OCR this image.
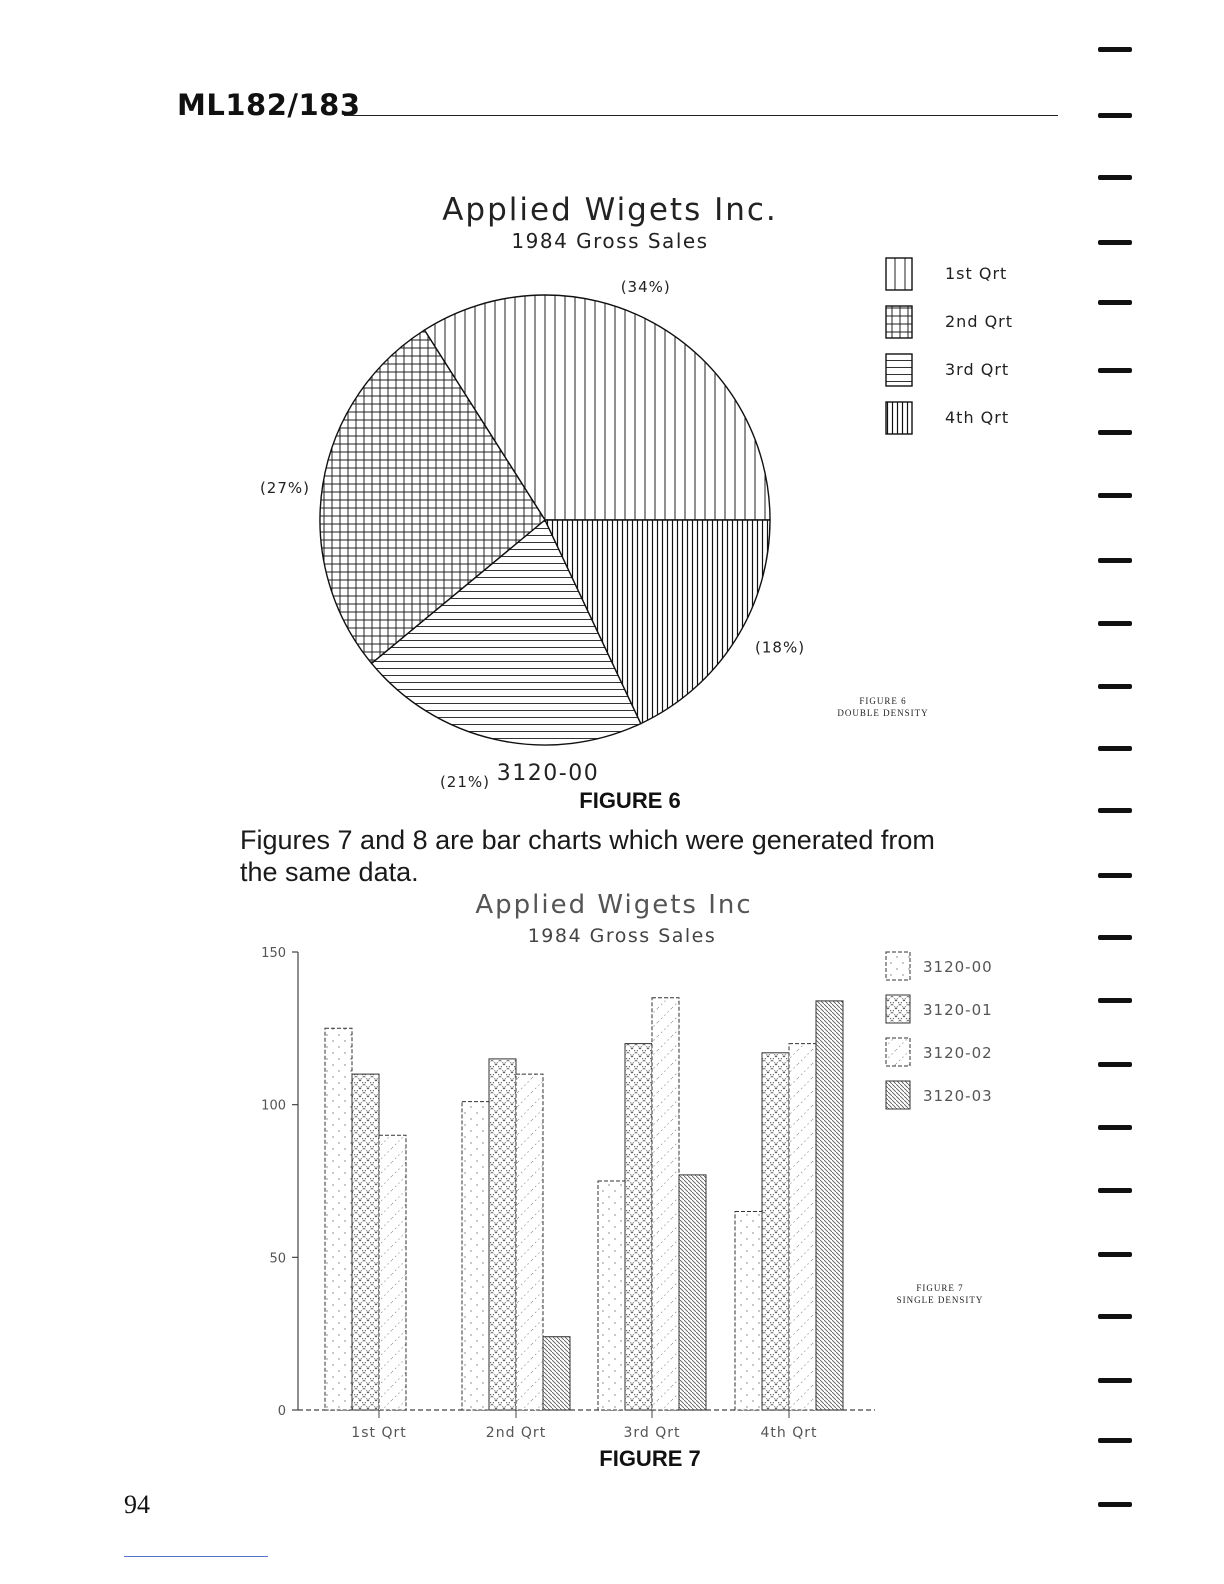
ML182/183
Applied Wigets Inc.
1984 Gross Sales
(34%)
(27%)
(21%)
(18%)
1st Qrt
2nd Qrt
3rd Qrt
4th Qrt
3120-00
FIGURE 6
DOUBLE DENSITY
FIGURE 6
Figures 7 and 8 are bar charts which were generated from the same data.
Applied Wigets Inc
1984 Gross Sales
1st Qrt	2nd Qrt	3rd Qrt	4th Qrt
0
50
100
150
3120-00
3120-01
3120-02
3120-03
FIGURE 7
SINGLE DENSITY
FIGURE 7
94
